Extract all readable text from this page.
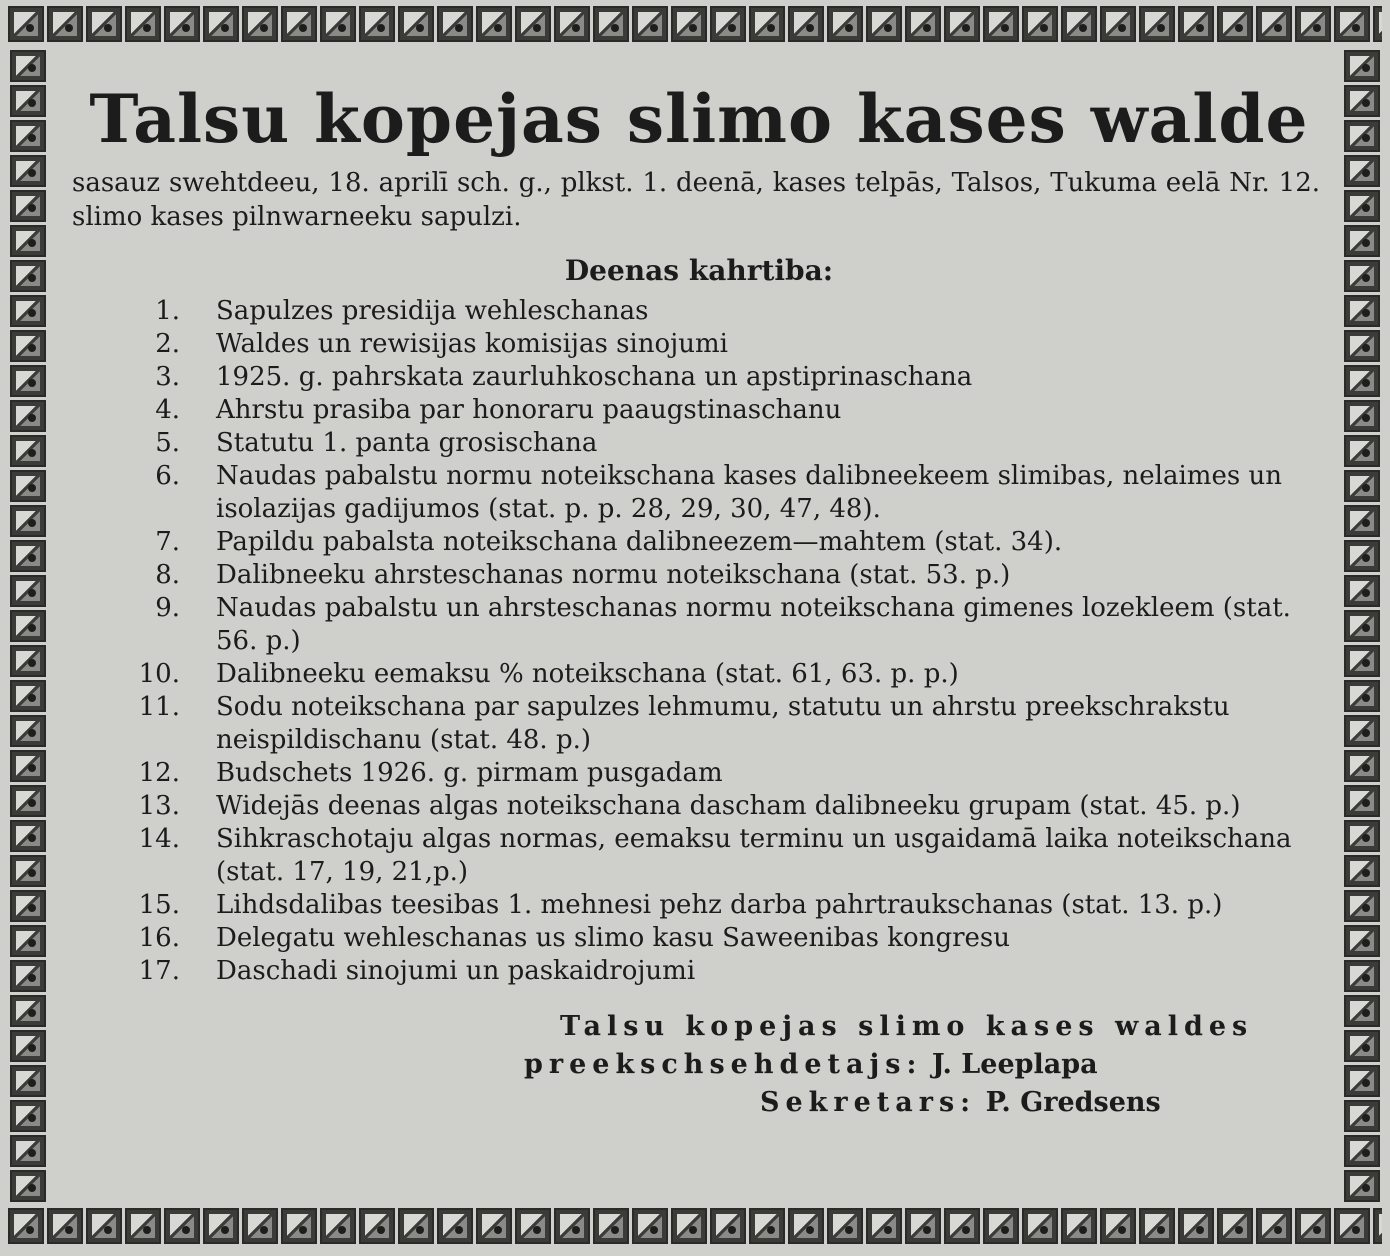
Talsu kopejas slimo kases walde
sasauz swehtdeeu, 18. aprilī sch. g., plkst. 1. deenā, kases telpās, Talsos, Tukuma eelā Nr. 12. slimo kases pilnwarneeku sapulzi.
Deenas kahrtiba:
1.	Sapulzes presidija wehleschanas
2.	Waldes un rewisijas komisijas sinojumi
3.	1925. g. pahrskata zaurluhkoschana un apstiprinaschana
4.	Ahrstu prasiba par honoraru paaugstinaschanu
5.	Statutu 1. panta grosischana
6.	Naudas pabalstu normu noteikschana kases dalibneekeem slimibas, nelaimes un isolazijas gadijumos (stat. p. p. 28, 29, 30, 47, 48).
7.	Papildu pabalsta noteikschana dalibneezem—mahtem (stat. 34).
8.	Dalibneeku ahrsteschanas normu noteikschana (stat. 53. p.)
9.	Naudas pabalstu un ahrsteschanas normu noteikschana gimenes lozekleem (stat. 56. p.)
10.	Dalibneeku eemaksu % noteikschana (stat. 61, 63. p. p.)
11.	Sodu noteikschana par sapulzes lehmumu, statutu un ahrstu preekschrakstu neispildischanu (stat. 48. p.)
12.	Budschets 1926. g. pirmam pusgadam
13.	Widejās deenas algas noteikschana dascham dalibneeku grupam (stat. 45. p.)
14.	Sihkraschotaju algas normas, eemaksu terminu un usgaidamā laika noteikschana (stat. 17, 19, 21,p.)
15.	Lihdsdalibas teesibas 1. mehnesi pehz darba pahrtraukschanas (stat. 13. p.)
16.	Delegatu wehleschanas us slimo kasu Saweenibas kongresu
17.	Daschadi sinojumi un paskaidrojumi
Talsu kopejas slimo kases waldes
preekschsehdetajs: J. Leeplapa
Sekretars: P. Gredsens
